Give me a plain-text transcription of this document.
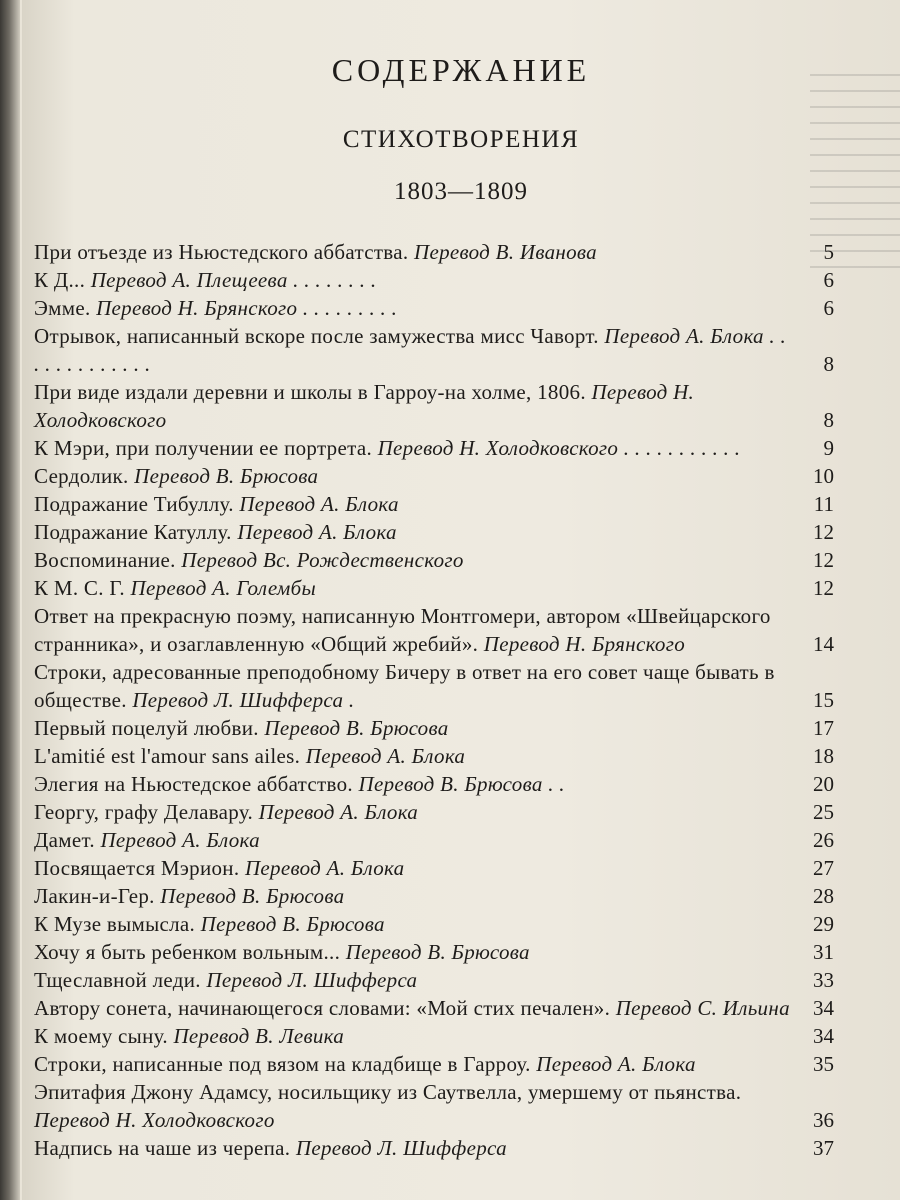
СОДЕРЖАНИЕ
СТИХОТВОРЕНИЯ
1803—1809
При отъезде из Ньюстедского аббатства. Перевод В. Иванова	5
К Д... Перевод А. Плещеева . . . . . . . .	6
Эмме. Перевод Н. Брянского . . . . . . . . .	6
Отрывок, написанный вскоре после замужества мисс Чаворт. Перевод А. Блока . . . . . . . . . . . . .	8
При виде издали деревни и школы в Гарроу-на холме, 1806. Перевод Н. Холодковского	8
К Мэри, при получении ее портрета. Перевод Н. Холодковского . . . . . . . . . . .	9
Сердолик. Перевод В. Брюсова	10
Подражание Тибуллу. Перевод А. Блока	11
Подражание Катуллу. Перевод А. Блока	12
Воспоминание. Перевод Вс. Рождественского	12
К М. С. Г. Перевод А. Голембы	12
Ответ на прекрасную поэму, написанную Монтгомери, автором «Швейцарского странника», и озаглавленную «Общий жребий». Перевод Н. Брянского	14
Строки, адресованные преподобному Бичеру в ответ на его совет чаще бывать в обществе. Перевод Л. Шифферса .	15
Первый поцелуй любви. Перевод В. Брюсова	17
L'amitié est l'amour sans ailes. Перевод А. Блока	18
Элегия на Ньюстедское аббатство. Перевод В. Брюсова . .	20
Георгу, графу Делавару. Перевод А. Блока	25
Дамет. Перевод А. Блока	26
Посвящается Мэрион. Перевод А. Блока	27
Лакин-и-Гер. Перевод В. Брюсова	28
К Музе вымысла. Перевод В. Брюсова	29
Хочу я быть ребенком вольным... Перевод В. Брюсова	31
Тщеславной леди. Перевод Л. Шифферса	33
Автору сонета, начинающегося словами: «Мой стих печален». Перевод С. Ильина	34
К моему сыну. Перевод В. Левика	34
Строки, написанные под вязом на кладбище в Гарроу. Перевод А. Блока	35
Эпитафия Джону Адамсу, носильщику из Саутвелла, умершему от пьянства. Перевод Н. Холодковского	36
Надпись на чаше из черепа. Перевод Л. Шифферса	37
